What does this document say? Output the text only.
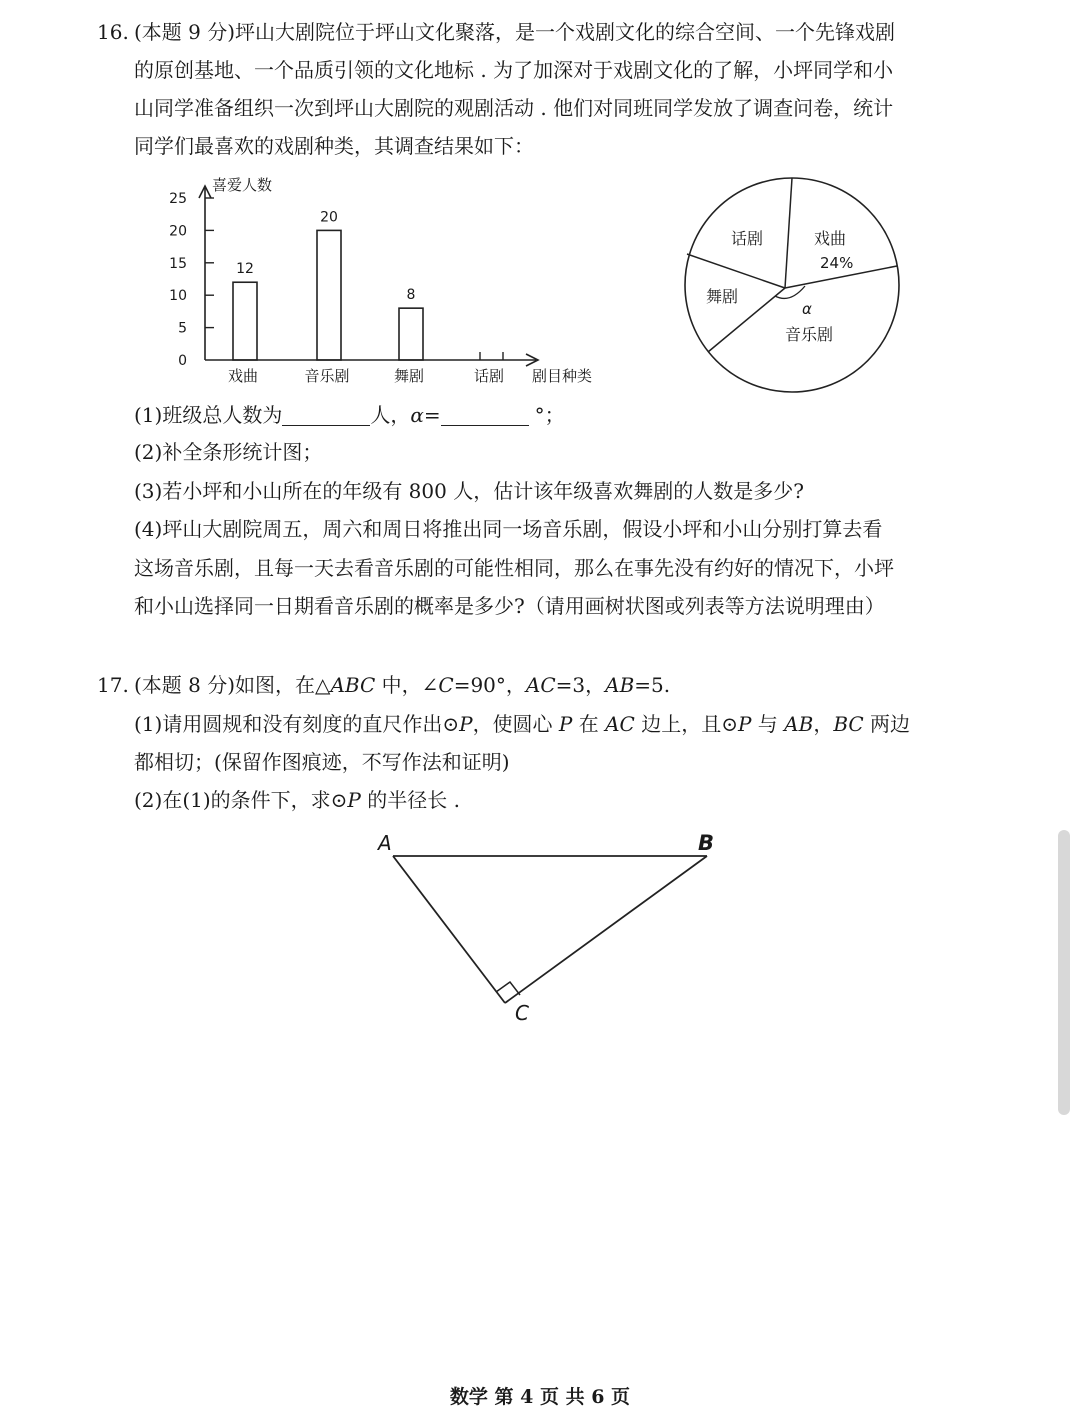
16. (本题 9 分)坪山大剧院位于坪山文化聚落，是一个戏剧文化的综合空间、一个先锋戏剧
的原创基地、一个品质引领的文化地标 . 为了加深对于戏剧文化的了解，小坪同学和小
山同学准备组织一次到坪山大剧院的观剧活动 . 他们对同班同学发放了调查问卷，统计
同学们最喜欢的戏剧种类，其调查结果如下：
喜爱人数
剧目种类
0
5
10
15
20
25
12
戏曲
20
音乐剧
8
舞剧	话剧
话剧	戏曲
24%
音乐剧
舞剧
α
A	B
C
(1)班级总人数为	人，α=	°；
(2)补全条形统计图；
(3)若小坪和小山所在的年级有 800 人，估计该年级喜欢舞剧的人数是多少?
(4)坪山大剧院周五，周六和周日将推出同一场音乐剧，假设小坪和小山分别打算去看
这场音乐剧，且每一天去看音乐剧的可能性相同，那么在事先没有约好的情况下，小坪
和小山选择同一日期看音乐剧的概率是多少?（请用画树状图或列表等方法说明理由）
17. (本题 8 分)如图，在△ABC 中，∠C=90°，AC=3，AB=5.
(1)请用圆规和没有刻度的直尺作出⊙P，使圆心 P 在 AC 边上，且⊙P 与 AB，BC 两边
都相切；(保留作图痕迹，不写作法和证明)
(2)在(1)的条件下，求⊙P 的半径长 .
数学 第 4 页 共 6 页
